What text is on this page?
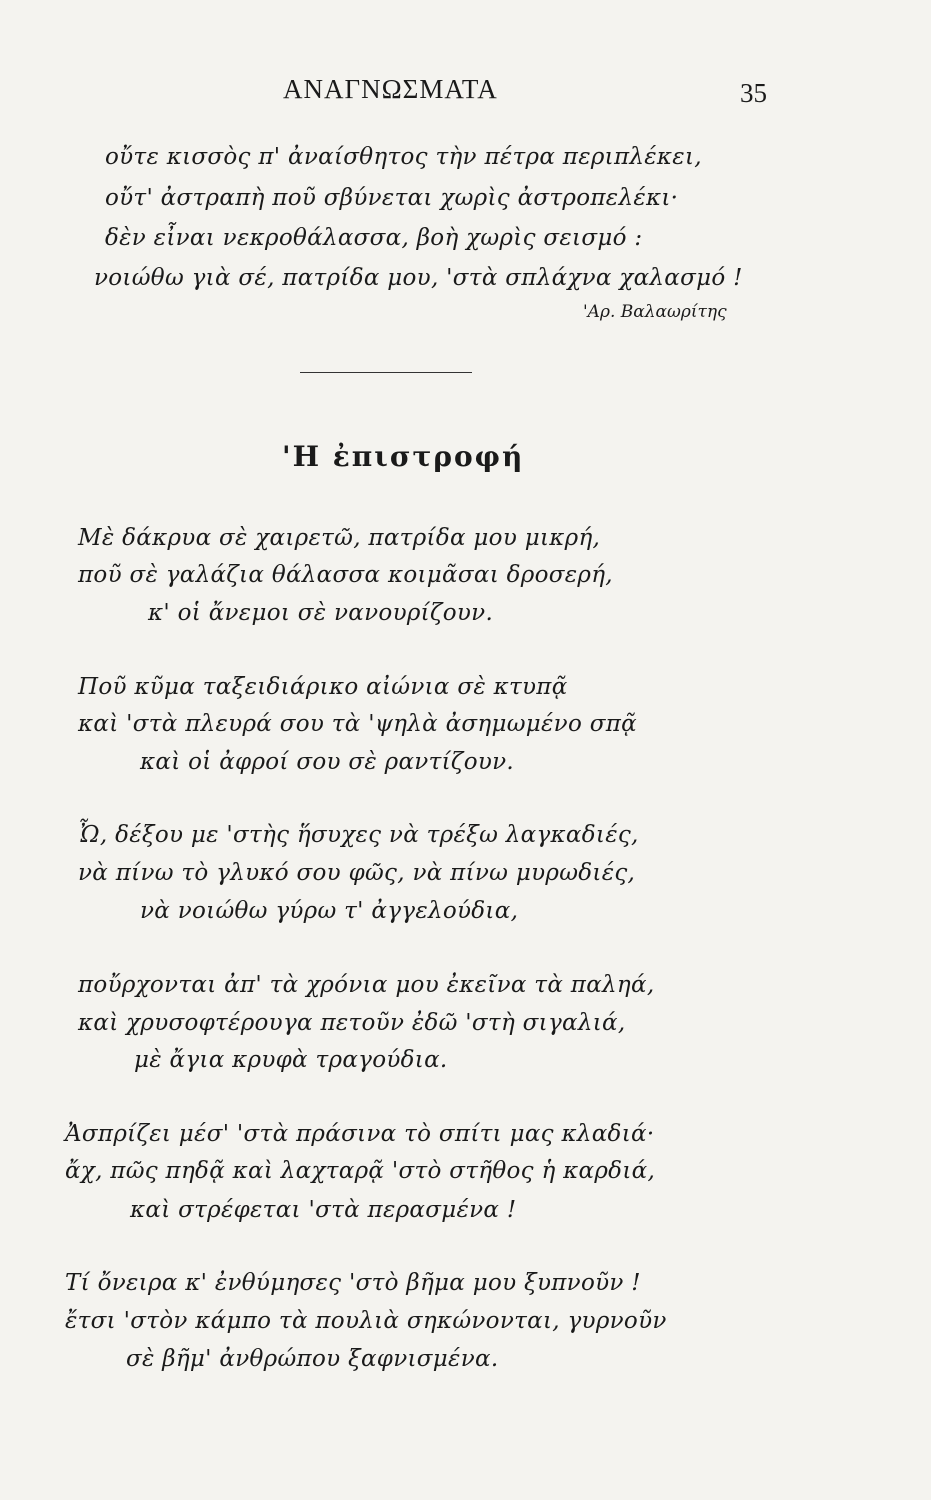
ΑΝΑΓΝΩΣΜΑΤΑ	35
οὔτε κισσὸς π' ἀναίσθητος τὴν πέτρα περιπλέκει,
οὔτ' ἀστραπὴ ποῦ σβύνεται χωρὶς ἀστροπελέκι·
δὲν εἶναι νεκροθάλασσα, βοὴ χωρὶς σεισμό :
νοιώθω γιὰ σέ, πατρίδα μου, 'στὰ σπλάχνα χαλασμό !
'Αρ. Βαλαωρίτης
'Η ἐπιστροφή
Μὲ δάκρυα σὲ χαιρετῶ, πατρίδα μου μικρή,
ποῦ σὲ γαλάζια θάλασσα κοιμᾶσαι δροσερή,
κ' οἱ ἄνεμοι σὲ νανουρίζουν.
Ποῦ κῦμα ταξειδιάρικο αἰώνια σὲ κτυπᾷ
καὶ 'στὰ πλευρά σου τὰ 'ψηλὰ ἀσημωμένο σπᾷ
καὶ οἱ ἀφροί σου σὲ ραντίζουν.
Ὦ, δέξου με 'στὴς ἥσυχες νὰ τρέξω λαγκαδιές,
νὰ πίνω τὸ γλυκό σου φῶς, νὰ πίνω μυρωδιές,
νὰ νοιώθω γύρω τ' ἀγγελούδια,
ποὔρχονται ἀπ' τὰ χρόνια μου ἐκεῖνα τὰ παληά,
καὶ χρυσοφτέρουγα πετοῦν ἐδῶ 'στὴ σιγαλιά,
μὲ ἄγια κρυφὰ τραγούδια.
Ἀσπρίζει μέσ' 'στὰ πράσινα τὸ σπίτι μας κλαδιά·
ἄχ, πῶς πηδᾷ καὶ λαχταρᾷ 'στὸ στῆθος ἡ καρδιά,
καὶ στρέφεται 'στὰ περασμένα !
Τί ὄνειρα κ' ἐνθύμησες 'στὸ βῆμα μου ξυπνοῦν !
ἔτσι 'στὸν κάμπο τὰ πουλιὰ σηκώνονται, γυρνοῦν
σὲ βῆμ' ἀνθρώπου ξαφνισμένα.
